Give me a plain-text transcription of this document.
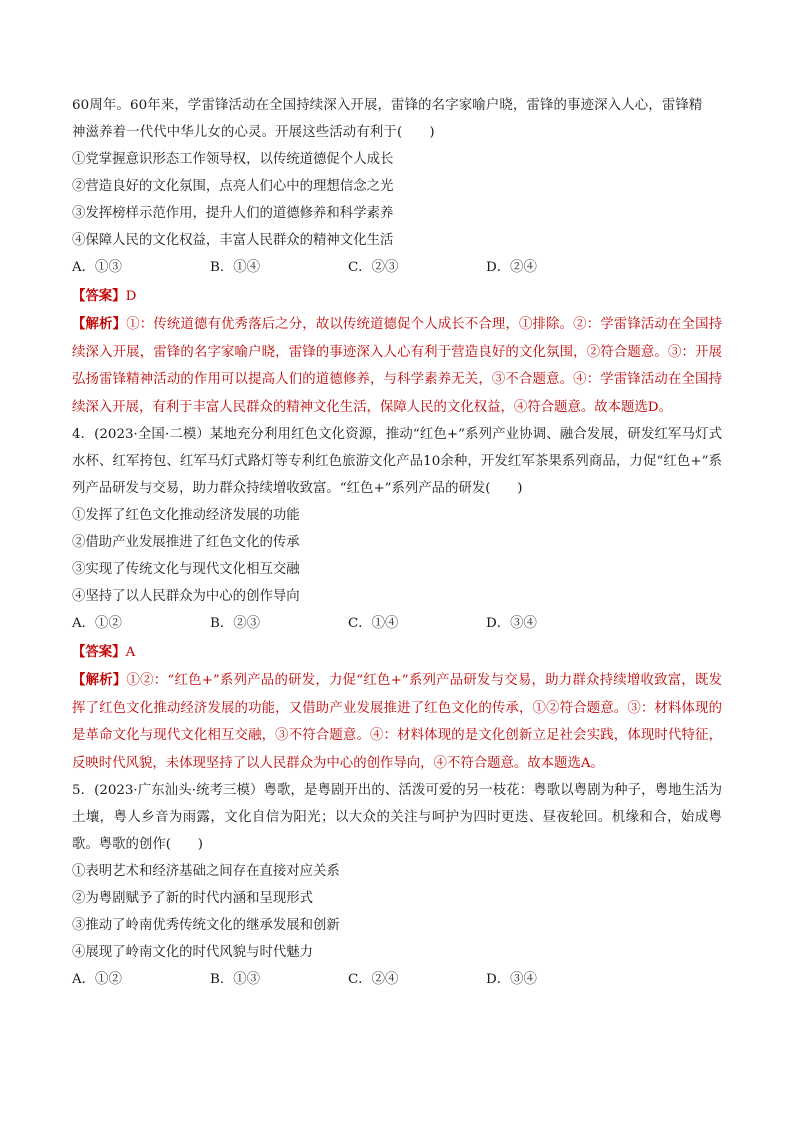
60周年。60年来，学雷锋活动在全国持续深入开展，雷锋的名字家喻户晓，雷锋的事迹深入人心，雷锋精
神滋养着一代代中华儿女的心灵。开展这些活动有利于(　　)
①党掌握意识形态工作领导权，以传统道德促个人成长
②营造良好的文化氛围，点亮人们心中的理想信念之光
③发挥榜样示范作用，提升人们的道德修养和科学素养
④保障人民的文化权益，丰富人民群众的精神文化生活
A．①③	B．①④	C．②③	D．②④
【答案】D
【解析】①：传统道德有优秀落后之分，故以传统道德促个人成长不合理，①排除。②：学雷锋活动在全国持续深入开展，雷锋的名字家喻户晓，雷锋的事迹深入人心有利于营造良好的文化氛围，②符合题意。③：开展弘扬雷锋精神活动的作用可以提高人们的道德修养，与科学素养无关，③不合题意。④：学雷锋活动在全国持续深入开展，有利于丰富人民群众的精神文化生活，保障人民的文化权益，④符合题意。故本题选D。
4．(2023·全国·二模）某地充分利用红色文化资源，推动“红色+”系列产业协调、融合发展，研发红军马灯式水杯、红军挎包、红军马灯式路灯等专利红色旅游文化产品10余种，开发红军茶果系列商品，力促“红色+”系列产品研发与交易，助力群众持续增收致富。“红色+”系列产品的研发(　　)
①发挥了红色文化推动经济发展的功能
②借助产业发展推进了红色文化的传承
③实现了传统文化与现代文化相互交融
④坚持了以人民群众为中心的创作导向
A．①②	B．②③	C．①④	D．③④
【答案】A
【解析】①②：“红色+”系列产品的研发，力促“红色+”系列产品研发与交易，助力群众持续增收致富，既发挥了红色文化推动经济发展的功能，又借助产业发展推进了红色文化的传承，①②符合题意。③：材料体现的是革命文化与现代文化相互交融，③不符合题意。④：材料体现的是文化创新立足社会实践，体现时代特征，反映时代风貌，未体现坚持了以人民群众为中心的创作导向，④不符合题意。故本题选A。
5．(2023·广东汕头·统考三模）粤歌，是粤剧开出的、活泼可爱的另一枝花：粤歌以粤剧为种子，粤地生活为土壤，粤人乡音为雨露，文化自信为阳光；以大众的关注与呵护为四时更迭、昼夜轮回。机缘和合，始成粤歌。粤歌的创作(　　)
①表明艺术和经济基础之间存在直接对应关系
②为粤剧赋予了新的时代内涵和呈现形式
③推动了岭南优秀传统文化的继承发展和创新
④展现了岭南文化的时代风貌与时代魅力
A．①②	B．①③	C．②④	D．③④
